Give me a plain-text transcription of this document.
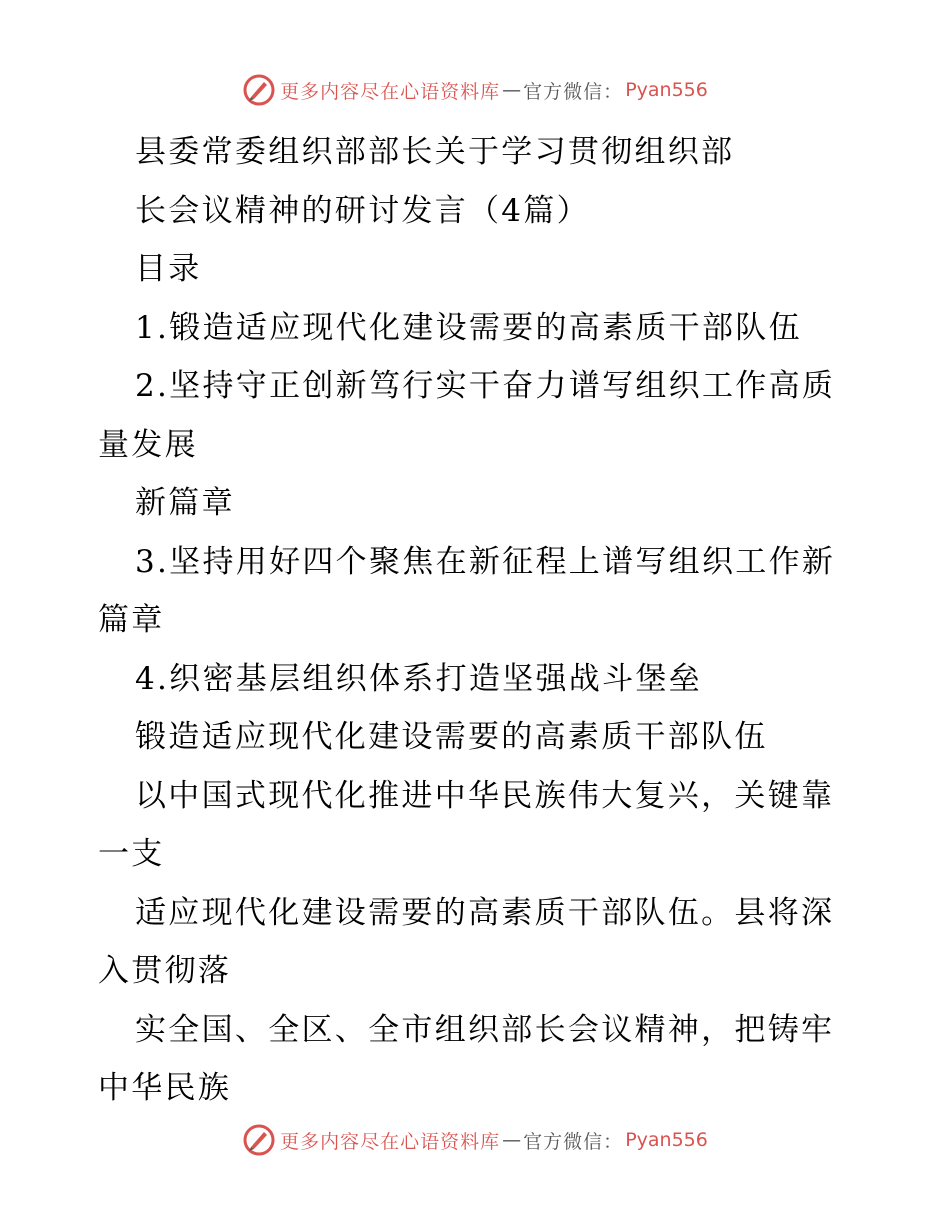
更多内容尽在心语资料库 — 官方微信： Pyan556
县委常委组织部部长关于学习贯彻组织部
长会议精神的研讨发言（4篇）
目录
1.锻造适应现代化建设需要的高素质干部队伍
2.坚持守正创新笃行实干奋力谱写组织工作高质
量发展
新篇章
3.坚持用好四个聚焦在新征程上谱写组织工作新
篇章
4.织密基层组织体系打造坚强战斗堡垒
锻造适应现代化建设需要的高素质干部队伍
以中国式现代化推进中华民族伟大复兴，关键靠
一支
适应现代化建设需要的高素质干部队伍。县将深
入贯彻落
实全国、全区、全市组织部长会议精神，把铸牢
中华民族
更多内容尽在心语资料库 — 官方微信： Pyan556
